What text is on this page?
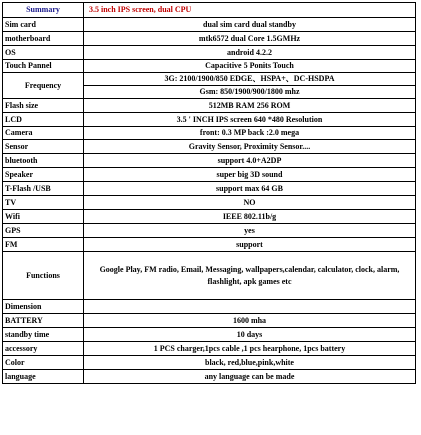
Summary	3.5 inch IPS screen, dual CPU
Sim card	dual sim card dual standby
motherboard	mtk6572 dual Core 1.5GMHz
OS	android 4.2.2
Touch Pannel	Capacitive 5 Ponits Touch
Frequency	3G: 2100/1900/850 EDGE、HSPA+、DC-HSDPA
Gsm: 850/1900/900/1800 mhz

Flash size	512MB RAM 256 ROM
LCD	3.5 ' INCH IPS screen 640 *480 Resolution
Camera	front: 0.3 MP back :2.0 mega
Sensor	Gravity Sensor, Proximity Sensor....
bluetooth	support 4.0+A2DP
Speaker	super big 3D sound
T-Flash /USB	support max 64 GB
TV	NO
Wifi	IEEE 802.11b/g
GPS	yes
FM	support
Functions	Google Play, FM radio, Email, Messaging, wallpapers,calendar, calculator, clock, alarm, flashlight, apk games etc
Dimension	
BATTERY	1600 mha
standby time	10 days
accessory	1 PCS charger,1pcs cable ,1 pcs hearphone, 1pcs battery
Color	black, red,blue,pink,white
language	any language can be made
